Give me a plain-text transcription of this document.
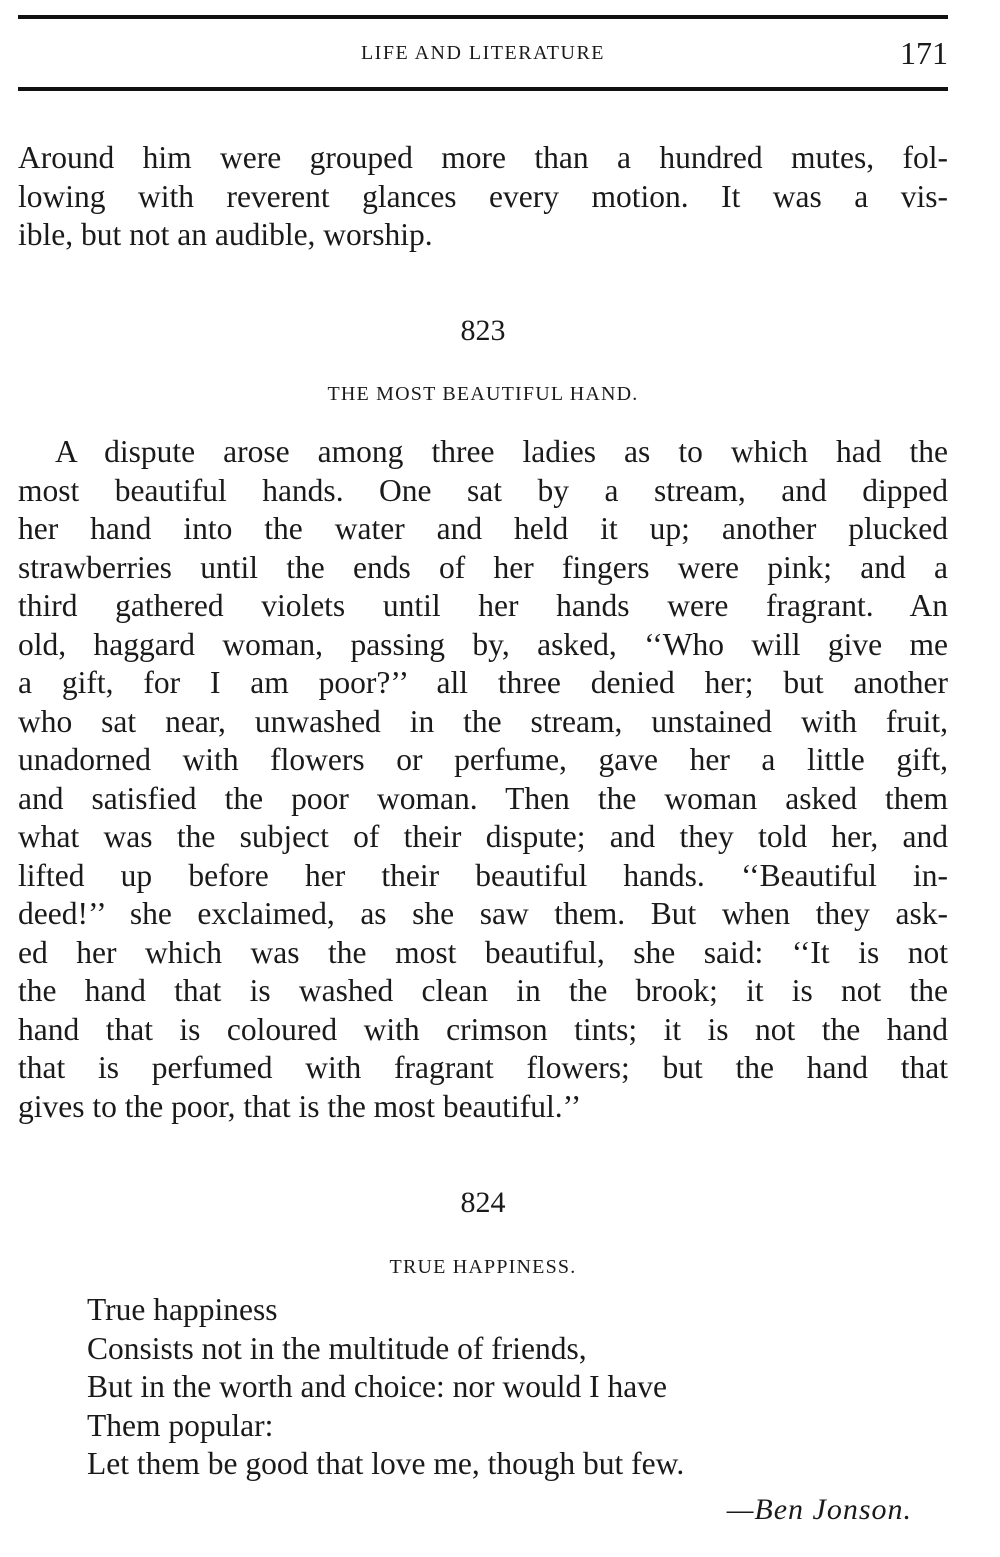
LIFE AND LITERATURE	171
Around him were grouped more than a hundred mutes, fol-
lowing with reverent glances every motion. It was a vis-
ible, but not an audible, worship.
823
THE MOST BEAUTIFUL HAND.
A dispute arose among three ladies as to which had the
most beautiful hands. One sat by a stream, and dipped
her hand into the water and held it up; another plucked
strawberries until the ends of her fingers were pink; and a
third gathered violets until her hands were fragrant. An
old, haggard woman, passing by, asked, ‘‘Who will give me
a gift, for I am poor?’’ all three denied her; but another
who sat near, unwashed in the stream, unstained with fruit,
unadorned with flowers or perfume, gave her a little gift,
and satisfied the poor woman. Then the woman asked them
what was the subject of their dispute; and they told her, and
lifted up before her their beautiful hands. ‘‘Beautiful in-
deed!’’ she exclaimed, as she saw them. But when they ask-
ed her which was the most beautiful, she said: ‘‘It is not
the hand that is washed clean in the brook; it is not the
hand that is coloured with crimson tints; it is not the hand
that is perfumed with fragrant flowers; but the hand that
gives to the poor, that is the most beautiful.’’
824
TRUE HAPPINESS.
True happiness
Consists not in the multitude of friends,
But in the worth and choice: nor would I have
Them popular:
Let them be good that love me, though but few.
—Ben Jonson.
